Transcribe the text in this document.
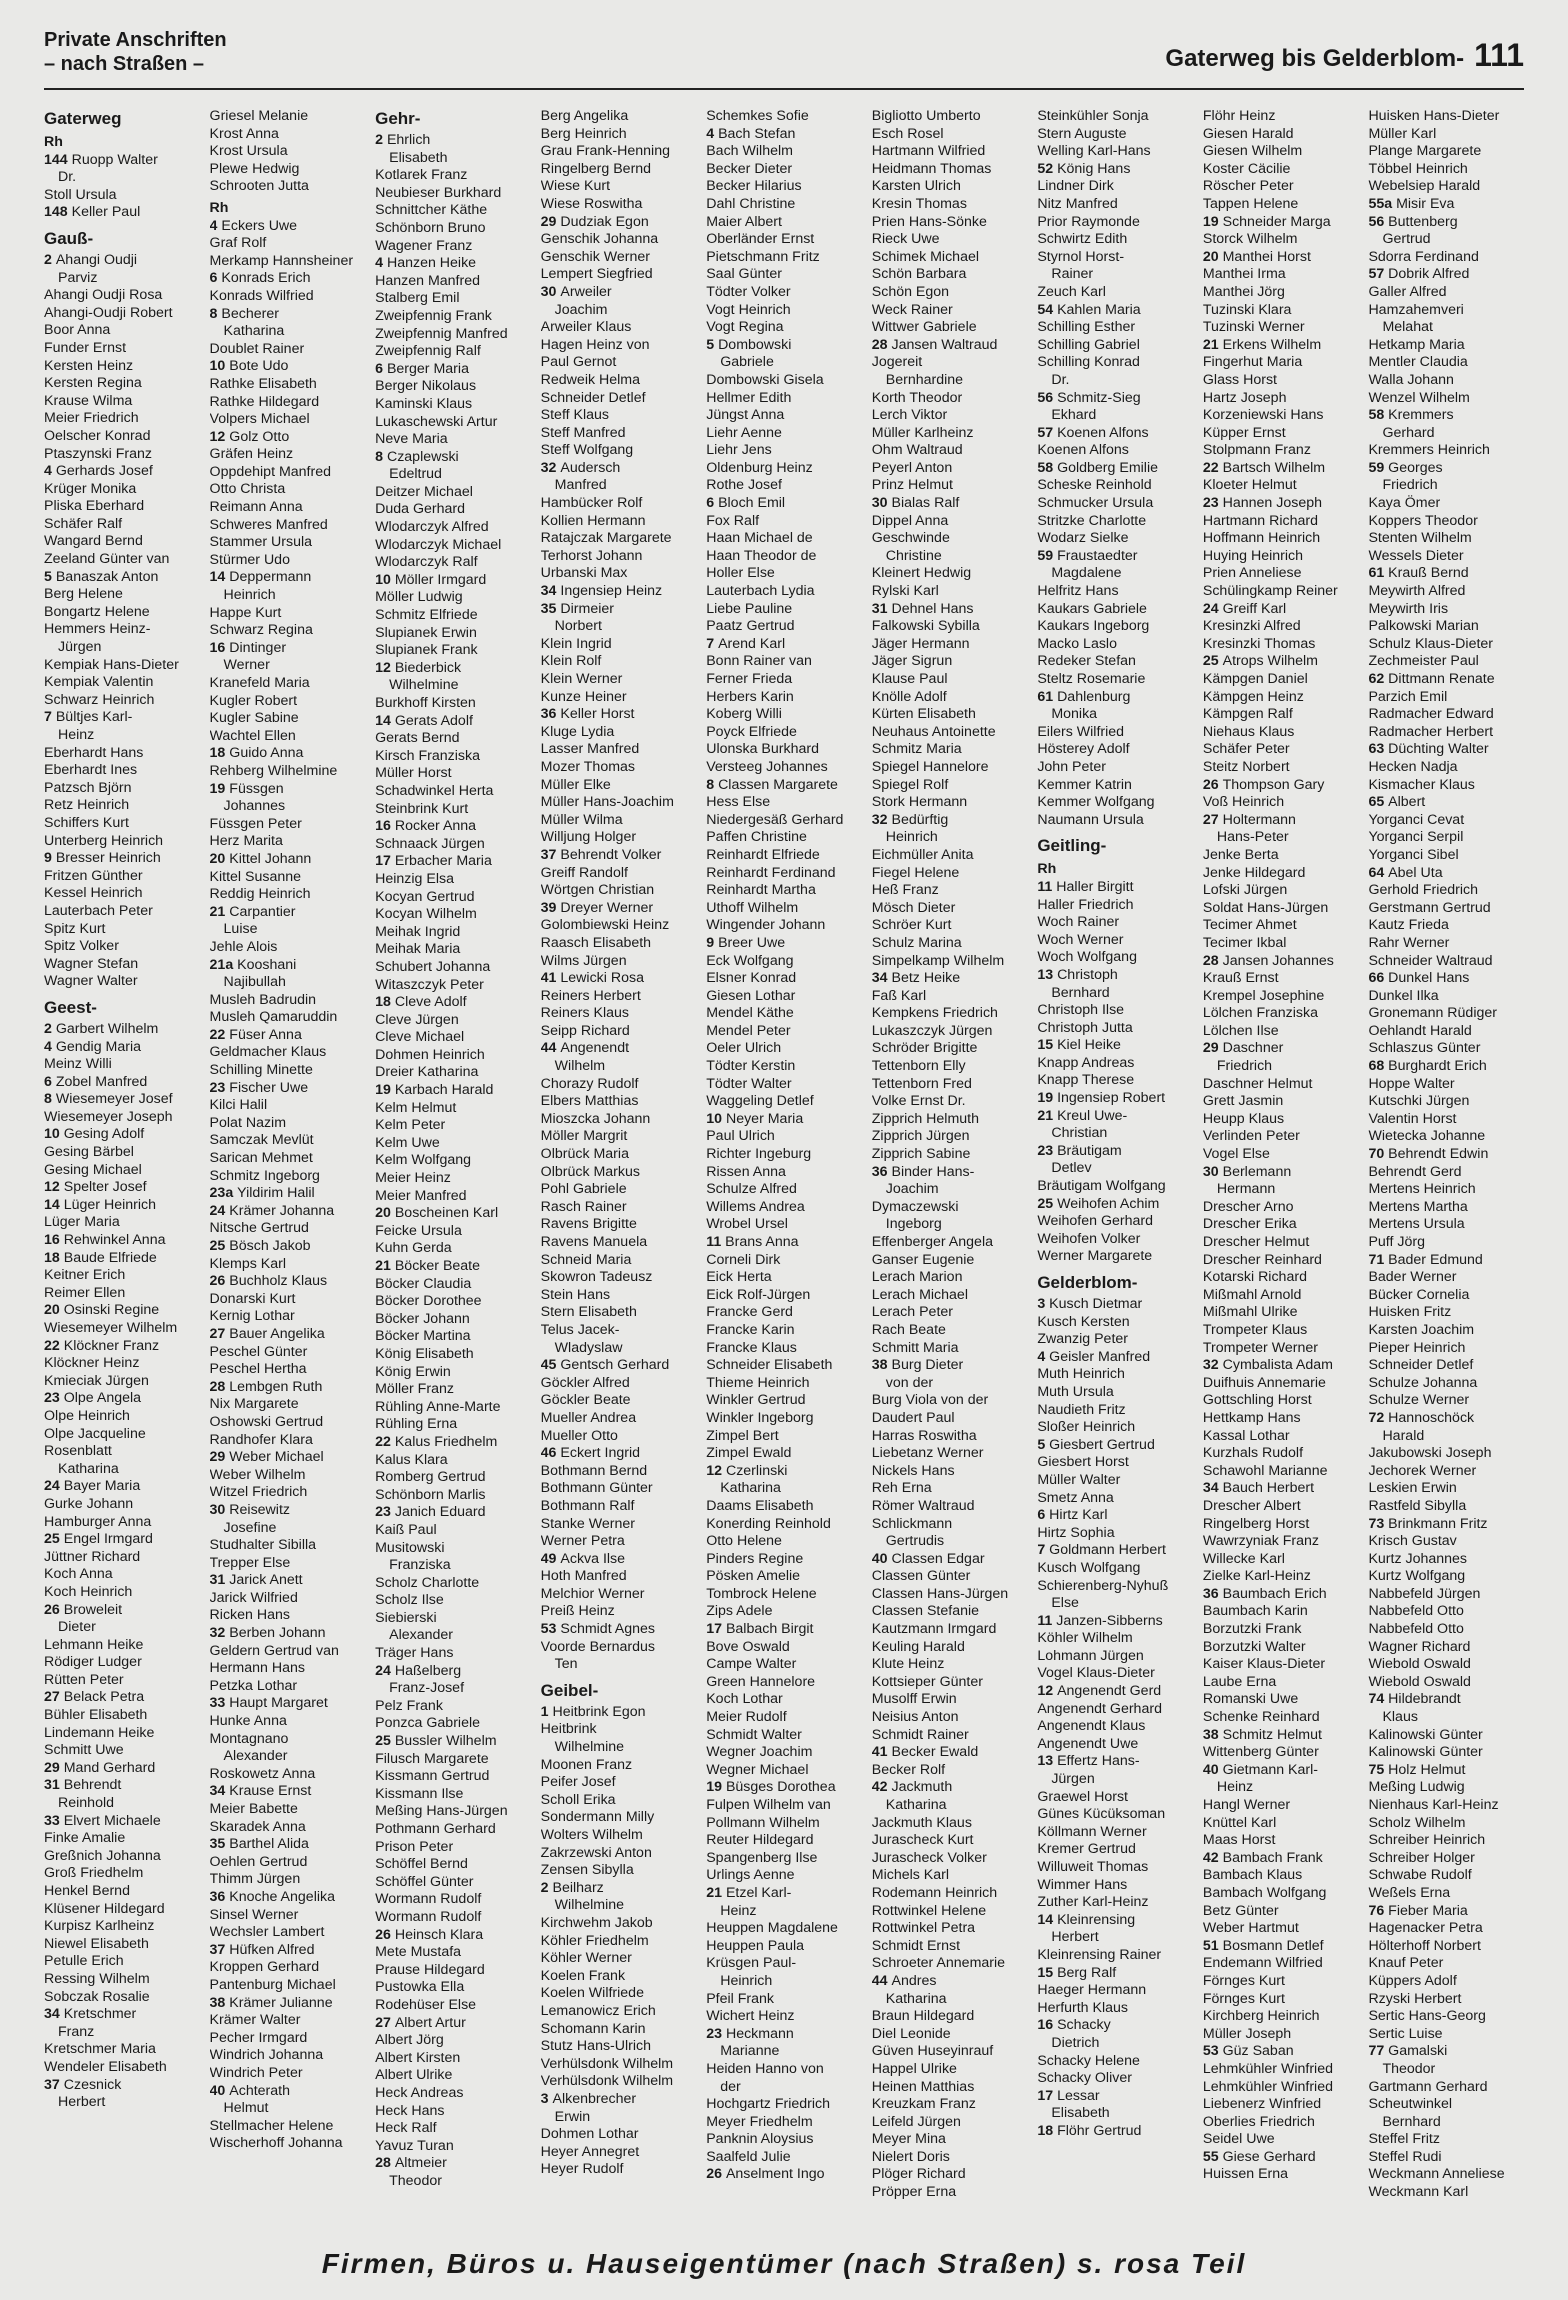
Private Anschriften
– nach Straßen –	Gaterweg bis Gelderblom- 111
Gaterweg
Rh
144 Ruopp Walter
Dr.
Stoll Ursula
148 Keller Paul
Gauß-
2 Ahangi Oudji
Parviz
Ahangi Oudji Rosa
Ahangi-Oudji Robert
Boor Anna
Funder Ernst
Kersten Heinz
Kersten Regina
Krause Wilma
Meier Friedrich
Oelscher Konrad
Ptaszynski Franz
4 Gerhards Josef
Krüger Monika
Pliska Eberhard
Schäfer Ralf
Wangard Bernd
Zeeland Günter van
5 Banaszak Anton
Berg Helene
Bongartz Helene
Hemmers Heinz-
Jürgen
Kempiak Hans-Dieter
Kempiak Valentin
Schwarz Heinrich
7 Bültjes Karl-
Heinz
Eberhardt Hans
Eberhardt Ines
Patzsch Björn
Retz Heinrich
Schiffers Kurt
Unterberg Heinrich
9 Bresser Heinrich
Fritzen Günther
Kessel Heinrich
Lauterbach Peter
Spitz Kurt
Spitz Volker
Wagner Stefan
Wagner Walter
Geest-
2 Garbert Wilhelm
4 Gendig Maria
Meinz Willi
6 Zobel Manfred
8 Wiesemeyer Josef
Wiesemeyer Joseph
10 Gesing Adolf
Gesing Bärbel
Gesing Michael
12 Spelter Josef
14 Lüger Heinrich
Lüger Maria
16 Rehwinkel Anna
18 Baude Elfriede
Keitner Erich
Reimer Ellen
20 Osinski Regine
Wiesemeyer Wilhelm
22 Klöckner Franz
Klöckner Heinz
Kmieciak Jürgen
23 Olpe Angela
Olpe Heinrich
Olpe Jacqueline
Rosenblatt
Katharina
24 Bayer Maria
Gurke Johann
Hamburger Anna
25 Engel Irmgard
Jüttner Richard
Koch Anna
Koch Heinrich
26 Broweleit
Dieter
Lehmann Heike
Rödiger Ludger
Rütten Peter
27 Belack Petra
Bühler Elisabeth
Lindemann Heike
Schmitt Uwe
29 Mand Gerhard
31 Behrendt
Reinhold
33 Elvert Michaele
Finke Amalie
Greßnich Johanna
Groß Friedhelm
Henkel Bernd
Klüsener Hildegard
Kurpisz Karlheinz
Niewel Elisabeth
Petulle Erich
Ressing Wilhelm
Sobczak Rosalie
34 Kretschmer
Franz
Kretschmer Maria
Wendeler Elisabeth
37 Czesnick
Herbert
Griesel Melanie
Krost Anna
Krost Ursula
Plewe Hedwig
Schrooten Jutta
Rh
4 Eckers Uwe
Graf Rolf
Merkamp Hannsheiner
6 Konrads Erich
Konrads Wilfried
8 Becherer
Katharina
Doublet Rainer
10 Bote Udo
Rathke Elisabeth
Rathke Hildegard
Volpers Michael
12 Golz Otto
Gräfen Heinz
Oppdehipt Manfred
Otto Christa
Reimann Anna
Schweres Manfred
Stammer Ursula
Stürmer Udo
14 Deppermann
Heinrich
Happe Kurt
Schwarz Regina
16 Dintinger
Werner
Kranefeld Maria
Kugler Robert
Kugler Sabine
Wachtel Ellen
18 Guido Anna
Rehberg Wilhelmine
19 Füssgen
Johannes
Füssgen Peter
Herz Marita
20 Kittel Johann
Kittel Susanne
Reddig Heinrich
21 Carpantier
Luise
Jehle Alois
21a Kooshani
Najibullah
Musleh Badrudin
Musleh Qamaruddin
22 Füser Anna
Geldmacher Klaus
Schilling Minette
23 Fischer Uwe
Kilci Halil
Polat Nazim
Samczak Mevlüt
Sarican Mehmet
Schmitz Ingeborg
23a Yildirim Halil
24 Krämer Johanna
Nitsche Gertrud
25 Bösch Jakob
Klemps Karl
26 Buchholz Klaus
Donarski Kurt
Kernig Lothar
27 Bauer Angelika
Peschel Günter
Peschel Hertha
28 Lembgen Ruth
Nix Margarete
Oshowski Gertrud
Randhofer Klara
29 Weber Michael
Weber Wilhelm
Witzel Friedrich
30 Reisewitz
Josefine
Studhalter Sibilla
Trepper Else
31 Jarick Anett
Jarick Wilfried
Ricken Hans
32 Berben Johann
Geldern Gertrud van
Hermann Hans
Petzka Lothar
33 Haupt Margaret
Hunke Anna
Montagnano
Alexander
Roskowetz Anna
34 Krause Ernst
Meier Babette
Skaradek Anna
35 Barthel Alida
Oehlen Gertrud
Thimm Jürgen
36 Knoche Angelika
Sinsel Werner
Wechsler Lambert
37 Hüfken Alfred
Kroppen Gerhard
Pantenburg Michael
38 Krämer Julianne
Krämer Walter
Pecher Irmgard
Windrich Johanna
Windrich Peter
40 Achterath
Helmut
Stellmacher Helene
Wischerhoff Johanna
Gehr-
2 Ehrlich
Elisabeth
Kotlarek Franz
Neubieser Burkhard
Schnittcher Käthe
Schönborn Bruno
Wagener Franz
4 Hanzen Heike
Hanzen Manfred
Stalberg Emil
Zweipfennig Frank
Zweipfennig Manfred
Zweipfennig Ralf
6 Berger Maria
Berger Nikolaus
Kaminski Klaus
Lukaschewski Artur
Neve Maria
8 Czaplewski
Edeltrud
Deitzer Michael
Duda Gerhard
Wlodarczyk Alfred
Wlodarczyk Michael
Wlodarczyk Ralf
10 Möller Irmgard
Möller Ludwig
Schmitz Elfriede
Slupianek Erwin
Slupianek Frank
12 Biederbick
Wilhelmine
Burkhoff Kirsten
14 Gerats Adolf
Gerats Bernd
Kirsch Franziska
Müller Horst
Schadwinkel Herta
Steinbrink Kurt
16 Rocker Anna
Schnaack Jürgen
17 Erbacher Maria
Heinzig Elsa
Kocyan Gertrud
Kocyan Wilhelm
Meihak Ingrid
Meihak Maria
Schubert Johanna
Witaszczyk Peter
18 Cleve Adolf
Cleve Jürgen
Cleve Michael
Dohmen Heinrich
Dreier Katharina
19 Karbach Harald
Kelm Helmut
Kelm Peter
Kelm Uwe
Kelm Wolfgang
Meier Heinz
Meier Manfred
20 Boscheinen Karl
Feicke Ursula
Kuhn Gerda
21 Böcker Beate
Böcker Claudia
Böcker Dorothee
Böcker Johann
Böcker Martina
König Elisabeth
König Erwin
Möller Franz
Rühling Anne-Marte
Rühling Erna
22 Kalus Friedhelm
Kalus Klara
Romberg Gertrud
Schönborn Marlis
23 Janich Eduard
Kaiß Paul
Musitowski
Franziska
Scholz Charlotte
Scholz Ilse
Siebierski
Alexander
Träger Hans
24 Haßelberg
Franz-Josef
Pelz Frank
Ponzca Gabriele
25 Bussler Wilhelm
Filusch Margarete
Kissmann Gertrud
Kissmann Ilse
Meßing Hans-Jürgen
Pothmann Gerhard
Prison Peter
Schöffel Bernd
Schöffel Günter
Wormann Rudolf
Wormann Rudolf
26 Heinsch Klara
Mete Mustafa
Prause Hildegard
Pustowka Ella
Rodehüser Else
27 Albert Artur
Albert Jörg
Albert Kirsten
Albert Ulrike
Heck Andreas
Heck Hans
Heck Ralf
Yavuz Turan
28 Altmeier
Theodor
Berg Angelika
Berg Heinrich
Grau Frank-Henning
Ringelberg Bernd
Wiese Kurt
Wiese Roswitha
29 Dudziak Egon
Genschik Johanna
Genschik Werner
Lempert Siegfried
30 Arweiler
Joachim
Arweiler Klaus
Hagen Heinz von
Paul Gernot
Redweik Helma
Schneider Detlef
Steff Klaus
Steff Manfred
Steff Wolfgang
32 Audersch
Manfred
Hambücker Rolf
Kollien Hermann
Ratajczak Margarete
Terhorst Johann
Urbanski Max
34 Ingensiep Heinz
35 Dirmeier
Norbert
Klein Ingrid
Klein Rolf
Klein Werner
Kunze Heiner
36 Keller Horst
Kluge Lydia
Lasser Manfred
Mozer Thomas
Müller Elke
Müller Hans-Joachim
Müller Wilma
Willjung Holger
37 Behrendt Volker
Greiff Randolf
Wörtgen Christian
39 Dreyer Werner
Golombiewski Heinz
Raasch Elisabeth
Wilms Jürgen
41 Lewicki Rosa
Reiners Herbert
Reiners Klaus
Seipp Richard
44 Angenendt
Wilhelm
Chorazy Rudolf
Elbers Matthias
Mioszcka Johann
Möller Margrit
Olbrück Maria
Olbrück Markus
Pohl Gabriele
Rasch Rainer
Ravens Brigitte
Ravens Manuela
Schneid Maria
Skowron Tadeusz
Stein Hans
Stern Elisabeth
Telus Jacek-
Wladyslaw
45 Gentsch Gerhard
Göckler Alfred
Göckler Beate
Mueller Andrea
Mueller Otto
46 Eckert Ingrid
Bothmann Bernd
Bothmann Günter
Bothmann Ralf
Stanke Werner
Werner Petra
49 Ackva Ilse
Hoth Manfred
Melchior Werner
Preiß Heinz
53 Schmidt Agnes
Voorde Bernardus
Ten
Geibel-
1 Heitbrink Egon
Heitbrink
Wilhelmine
Moonen Franz
Peifer Josef
Scholl Erika
Sondermann Milly
Wolters Wilhelm
Zakrzewski Anton
Zensen Sibylla
2 Beilharz
Wilhelmine
Kirchwehm Jakob
Köhler Friedhelm
Köhler Werner
Koelen Frank
Koelen Wilfriede
Lemanowicz Erich
Schomann Karin
Stutz Hans-Ulrich
Verhülsdonk Wilhelm
Verhülsdonk Wilhelm
3 Alkenbrecher
Erwin
Dohmen Lothar
Heyer Annegret
Heyer Rudolf
Schemkes Sofie
4 Bach Stefan
Bach Wilhelm
Becker Dieter
Becker Hilarius
Dahl Christine
Maier Albert
Oberländer Ernst
Pietschmann Fritz
Saal Günter
Tödter Volker
Vogt Heinrich
Vogt Regina
5 Dombowski
Gabriele
Dombowski Gisela
Hellmer Edith
Jüngst Anna
Liehr Aenne
Liehr Jens
Oldenburg Heinz
Rothe Josef
6 Bloch Emil
Fox Ralf
Haan Michael de
Haan Theodor de
Holler Else
Lauterbach Lydia
Liebe Pauline
Paatz Gertrud
7 Arend Karl
Bonn Rainer van
Ferner Frieda
Herbers Karin
Koberg Willi
Poyck Elfriede
Ulonska Burkhard
Versteeg Johannes
8 Classen Margarete
Hess Else
Niedergesäß Gerhard
Paffen Christine
Reinhardt Elfriede
Reinhardt Ferdinand
Reinhardt Martha
Uthoff Wilhelm
Wingender Johann
9 Breer Uwe
Eck Wolfgang
Elsner Konrad
Giesen Lothar
Mendel Käthe
Mendel Peter
Oeler Ulrich
Tödter Kerstin
Tödter Walter
Waggeling Detlef
10 Neyer Maria
Paul Ulrich
Richter Ingeburg
Rissen Anna
Schulze Alfred
Willems Andrea
Wrobel Ursel
11 Brans Anna
Corneli Dirk
Eick Herta
Eick Rolf-Jürgen
Francke Gerd
Francke Karin
Francke Klaus
Schneider Elisabeth
Thieme Heinrich
Winkler Gertrud
Winkler Ingeborg
Zimpel Bert
Zimpel Ewald
12 Czerlinski
Katharina
Daams Elisabeth
Konerding Reinhold
Otto Helene
Pinders Regine
Pösken Amelie
Tombrock Helene
Zips Adele
17 Balbach Birgit
Bove Oswald
Campe Walter
Green Hannelore
Koch Lothar
Meier Rudolf
Schmidt Walter
Wegner Joachim
Wegner Michael
19 Büsges Dorothea
Fulpen Wilhelm van
Pollmann Wilhelm
Reuter Hildegard
Spangenberg Ilse
Urlings Aenne
21 Etzel Karl-
Heinz
Heuppen Magdalene
Heuppen Paula
Krüsgen Paul-
Heinrich
Pfeil Frank
Wichert Heinz
23 Heckmann
Marianne
Heiden Hanno von
der
Hochgartz Friedrich
Meyer Friedhelm
Panknin Aloysius
Saalfeld Julie
26 Anselment Ingo
Bigliotto Umberto
Esch Rosel
Hartmann Wilfried
Heidmann Thomas
Karsten Ulrich
Kresin Thomas
Prien Hans-Sönke
Rieck Uwe
Schimek Michael
Schön Barbara
Schön Egon
Weck Rainer
Wittwer Gabriele
28 Jansen Waltraud
Jogereit
Bernhardine
Korth Theodor
Lerch Viktor
Müller Karlheinz
Ohm Waltraud
Peyerl Anton
Prinz Helmut
30 Bialas Ralf
Dippel Anna
Geschwinde
Christine
Kleinert Hedwig
Rylski Karl
31 Dehnel Hans
Falkowski Sybilla
Jäger Hermann
Jäger Sigrun
Klause Paul
Knölle Adolf
Kürten Elisabeth
Neuhaus Antoinette
Schmitz Maria
Spiegel Hannelore
Spiegel Rolf
Stork Hermann
32 Bedürftig
Heinrich
Eichmüller Anita
Fiegel Helene
Heß Franz
Mösch Dieter
Schröer Kurt
Schulz Marina
Simpelkamp Wilhelm
34 Betz Heike
Faß Karl
Kempkens Friedrich
Lukaszczyk Jürgen
Schröder Brigitte
Tettenborn Elly
Tettenborn Fred
Volke Ernst Dr.
Zipprich Helmuth
Zipprich Jürgen
Zipprich Sabine
36 Binder Hans-
Joachim
Dymaczewski
Ingeborg
Effenberger Angela
Ganser Eugenie
Lerach Marion
Lerach Michael
Lerach Peter
Rach Beate
Schmitt Maria
38 Burg Dieter
von der
Burg Viola von der
Daudert Paul
Harras Roswitha
Liebetanz Werner
Nickels Hans
Reh Erna
Römer Waltraud
Schlickmann
Gertrudis
40 Classen Edgar
Classen Günter
Classen Hans-Jürgen
Classen Stefanie
Kautzmann Irmgard
Keuling Harald
Klute Heinz
Kottsieper Günter
Musolff Erwin
Neisius Anton
Schmidt Rainer
41 Becker Ewald
Becker Rolf
42 Jackmuth
Katharina
Jackmuth Klaus
Jurascheck Kurt
Jurascheck Volker
Michels Karl
Rodemann Heinrich
Rottwinkel Helene
Rottwinkel Petra
Schmidt Ernst
Schroeter Annemarie
44 Andres
Katharina
Braun Hildegard
Diel Leonide
Güven Huseyinrauf
Happel Ulrike
Heinen Matthias
Kreuzkam Franz
Leifeld Jürgen
Meyer Mina
Nielert Doris
Plöger Richard
Pröpper Erna
Steinkühler Sonja
Stern Auguste
Welling Karl-Hans
52 König Hans
Lindner Dirk
Nitz Manfred
Prior Raymonde
Schwirtz Edith
Styrnol Horst-
Rainer
Zeuch Karl
54 Kahlen Maria
Schilling Esther
Schilling Gabriel
Schilling Konrad
Dr.
56 Schmitz-Sieg
Ekhard
57 Koenen Alfons
Koenen Alfons
58 Goldberg Emilie
Scheske Reinhold
Schmucker Ursula
Stritzke Charlotte
Wodarz Sielke
59 Fraustaedter
Magdalene
Helfritz Hans
Kaukars Gabriele
Kaukars Ingeborg
Macko Laslo
Redeker Stefan
Steltz Rosemarie
61 Dahlenburg
Monika
Eilers Wilfried
Hösterey Adolf
John Peter
Kemmer Katrin
Kemmer Wolfgang
Naumann Ursula
Geitling-
Rh
11 Haller Birgitt
Haller Friedrich
Woch Rainer
Woch Werner
Woch Wolfgang
13 Christoph
Bernhard
Christoph Ilse
Christoph Jutta
15 Kiel Heike
Knapp Andreas
Knapp Therese
19 Ingensiep Robert
21 Kreul Uwe-
Christian
23 Bräutigam
Detlev
Bräutigam Wolfgang
25 Weihofen Achim
Weihofen Gerhard
Weihofen Volker
Werner Margarete
Gelderblom-
3 Kusch Dietmar
Kusch Kersten
Zwanzig Peter
4 Geisler Manfred
Muth Heinrich
Muth Ursula
Naudieth Fritz
Sloßer Heinrich
5 Giesbert Gertrud
Giesbert Horst
Müller Walter
Smetz Anna
6 Hirtz Karl
Hirtz Sophia
7 Goldmann Herbert
Kusch Wolfgang
Schierenberg-Nyhuß
Else
11 Janzen-Sibberns
Köhler Wilhelm
Lohmann Jürgen
Vogel Klaus-Dieter
12 Angenendt Gerd
Angenendt Gerhard
Angenendt Klaus
Angenendt Uwe
13 Effertz Hans-
Jürgen
Graewel Horst
Günes Kücüksoman
Köllmann Werner
Kremer Gertrud
Willuweit Thomas
Wimmer Hans
Zuther Karl-Heinz
14 Kleinrensing
Herbert
Kleinrensing Rainer
15 Berg Ralf
Haeger Hermann
Herfurth Klaus
16 Schacky
Dietrich
Schacky Helene
Schacky Oliver
17 Lessar
Elisabeth
18 Flöhr Gertrud
Flöhr Heinz
Giesen Harald
Giesen Wilhelm
Koster Cäcilie
Röscher Peter
Tappen Helene
19 Schneider Marga
Storck Wilhelm
20 Manthei Horst
Manthei Irma
Manthei Jörg
Tuzinski Klara
Tuzinski Werner
21 Erkens Wilhelm
Fingerhut Maria
Glass Horst
Hartz Joseph
Korzeniewski Hans
Küpper Ernst
Stolpmann Franz
22 Bartsch Wilhelm
Kloeter Helmut
23 Hannen Joseph
Hartmann Richard
Hoffmann Heinrich
Huying Heinrich
Prien Anneliese
Schülingkamp Reiner
24 Greiff Karl
Kresinzki Alfred
Kresinzki Thomas
25 Atrops Wilhelm
Kämpgen Daniel
Kämpgen Heinz
Kämpgen Ralf
Niehaus Klaus
Schäfer Peter
Steitz Norbert
26 Thompson Gary
Voß Heinrich
27 Holtermann
Hans-Peter
Jenke Berta
Jenke Hildegard
Lofski Jürgen
Soldat Hans-Jürgen
Tecimer Ahmet
Tecimer Ikbal
28 Jansen Johannes
Krauß Ernst
Krempel Josephine
Lölchen Franziska
Lölchen Ilse
29 Daschner
Friedrich
Daschner Helmut
Grett Jasmin
Heupp Klaus
Verlinden Peter
Vogel Else
30 Berlemann
Hermann
Drescher Arno
Drescher Erika
Drescher Helmut
Drescher Reinhard
Kotarski Richard
Mißmahl Arnold
Mißmahl Ulrike
Trompeter Klaus
Trompeter Werner
32 Cymbalista Adam
Duifhuis Annemarie
Gottschling Horst
Hettkamp Hans
Kassal Lothar
Kurzhals Rudolf
Schawohl Marianne
34 Bauch Herbert
Drescher Albert
Ringelberg Horst
Wawrzyniak Franz
Willecke Karl
Zielke Karl-Heinz
36 Baumbach Erich
Baumbach Karin
Borzutzki Frank
Borzutzki Walter
Kaiser Klaus-Dieter
Laube Erna
Romanski Uwe
Schenke Reinhard
38 Schmitz Helmut
Wittenberg Günter
40 Gietmann Karl-
Heinz
Hangl Werner
Knüttel Karl
Maas Horst
42 Bambach Frank
Bambach Klaus
Bambach Wolfgang
Betz Günter
Weber Hartmut
51 Bosmann Detlef
Endemann Wilfried
Förnges Kurt
Förnges Kurt
Kirchberg Heinrich
Müller Joseph
53 Güz Saban
Lehmkühler Winfried
Lehmkühler Winfried
Liebenerz Winfried
Oberlies Friedrich
Seidel Uwe
55 Giese Gerhard
Huissen Erna
Huisken Hans-Dieter
Müller Karl
Plange Margarete
Többel Heinrich
Webelsiep Harald
55a Misir Eva
56 Buttenberg
Gertrud
Sdorra Ferdinand
57 Dobrik Alfred
Galler Alfred
Hamzahemveri
Melahat
Hetkamp Maria
Mentler Claudia
Walla Johann
Wenzel Wilhelm
58 Kremmers
Gerhard
Kremmers Heinrich
59 Georges
Friedrich
Kaya Ömer
Koppers Theodor
Stenten Wilhelm
Wessels Dieter
61 Krauß Bernd
Meywirth Alfred
Meywirth Iris
Palkowski Marian
Schulz Klaus-Dieter
Zechmeister Paul
62 Dittmann Renate
Parzich Emil
Radmacher Edward
Radmacher Herbert
63 Düchting Walter
Hecken Nadja
Kismacher Klaus
65 Albert
Yorganci Cevat
Yorganci Serpil
Yorganci Sibel
64 Abel Uta
Gerhold Friedrich
Gerstmann Gertrud
Kautz Frieda
Rahr Werner
Schneider Waltraud
66 Dunkel Hans
Dunkel Ilka
Gronemann Rüdiger
Oehlandt Harald
Schlaszus Günter
68 Burghardt Erich
Hoppe Walter
Kutschki Jürgen
Valentin Horst
Wietecka Johanne
70 Behrendt Edwin
Behrendt Gerd
Mertens Heinrich
Mertens Martha
Mertens Ursula
Puff Jörg
71 Bader Edmund
Bader Werner
Bücker Cornelia
Huisken Fritz
Karsten Joachim
Pieper Heinrich
Schneider Detlef
Schulze Johanna
Schulze Werner
72 Hannoschöck
Harald
Jakubowski Joseph
Jechorek Werner
Leskien Erwin
Rastfeld Sibylla
73 Brinkmann Fritz
Krisch Gustav
Kurtz Johannes
Kurtz Wolfgang
Nabbefeld Jürgen
Nabbefeld Otto
Nabbefeld Otto
Wagner Richard
Wiebold Oswald
Wiebold Oswald
74 Hildebrandt
Klaus
Kalinowski Günter
Kalinowski Günter
75 Holz Helmut
Meßing Ludwig
Nienhaus Karl-Heinz
Scholz Wilhelm
Schreiber Heinrich
Schreiber Holger
Schwabe Rudolf
Weßels Erna
76 Fieber Maria
Hagenacker Petra
Hölterhoff Norbert
Knauf Peter
Küppers Adolf
Rzyski Herbert
Sertic Hans-Georg
Sertic Luise
77 Gamalski
Theodor
Gartmann Gerhard
Scheutwinkel
Bernhard
Steffel Fritz
Steffel Rudi
Weckmann Anneliese
Weckmann Karl
Firmen, Büros u. Hauseigentümer (nach Straßen) s. rosa Teil
